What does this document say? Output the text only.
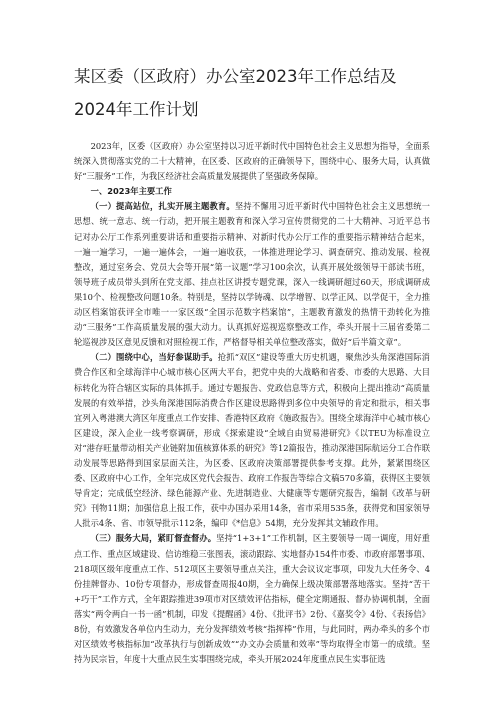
某区委（区政府）办公室2023年工作总结及2024年工作计划

2023年，区委（区政府）办公室坚持以习近平新时代中国特色社会主义思想为指导，全面系统深入贯彻落实党的二十大精神，在区委、区政府的正确领导下，围绕中心、服务大局，认真做好“三服务”工作，为我区经济社会高质量发展提供了坚强政务保障。

一、2023年主要工作

（一）提高站位，扎实开展主题教育。坚持不懈用习近平新时代中国特色社会主义思想统一思想、统一意志、统一行动，把开展主题教育和深入学习宣传贯彻党的二十大精神、习近平总书记对办公厅工作系列重要讲话和重要指示精神、对新时代办公厅工作的重要指示精神结合起来，一遍一遍学习，一遍一遍体会，一遍一遍收获，一体推进理论学习、调查研究、推动发展、检视整改，通过室务会、党员大会等开展“第一议题”学习100余次，认真开展处级领导干部读书班，领导班子成员带头到所在党支部、挂点社区讲授专题党课，深入一线调研超过60天，形成调研成果10个、检视整改问题10条。特别是，坚持以学铸魂、以学增智、以学正风、以学促干，全力推动区档案馆获评全市唯一一家区级“全国示范数字档案馆”，主题教育激发的热情干劲转化为推动“三服务”工作高质量发展的强大动力。认真抓好巡视巡察整改工作，牵头开展十三届省委第二轮巡视涉及区意见反馈和对照检视工作，严格督导相关单位整改落实，做好“后半篇文章”。

（二）围绕中心，当好参谋助手。抢抓“双区”建设等重大历史机遇，聚焦沙头角深港国际消费合作区和全球海洋中心城市核心区两大平台，把党中央的大战略和省委、市委的大思路、大目标转化为符合辖区实际的具体抓手。通过专题报告、党政信息等方式，积极向上提出推动“高质量发展的有效举措，沙头角深港国际消费合作区建设思路得到多位中央领导的肯定和批示，相关事宜列入粤港澳大湾区年度重点工作安排、香港特区政府《施政报告》。围绕全球海洋中心城市核心区建设，深入企业一线考察调研，形成《探索建设“全域自由贸易港研究》《以TEU为标准设立对“港存旺量带动相关产业链附加值核算体系的研究》等12篇报告，推动深港国际航运分工合作联动发展等思路得到国家层面关注，为区委、区政府决策部署提供参考支撑。此外，紧紧围绕区委、区政府中心工作，全年完成区党代会报告、政府工作报告等综合文稿570多篇，获得区主要领导肯定；完成低空经济、绿色能源产业、先进制造业、大健康等专题研究报告，编制《改革与研究》刊物11期；加强信息上报工作，获中办国办采用14条，省市采用535条，获得党和国家领导人批示4条、省、市领导批示112条，编印《*信息》54期，充分发挥其文辅政作用。

（三）服务大局，紧盯督查督办。坚持“1+3+1”工作机制，区主要领导一周一调度，用好重点工作、重点区域建设、信访维稳三张图表，滚动跟踪、实地督办154件市委、市政府部署事项、218项区级年度重点工作、512项区主要领导重点关注，重大会议议定事项，印发九大任务令、4份挂牌督办、10份专项督办，形成督查周报40期，全力确保上级决策部署落地落实。坚持“苦干+巧干”工作方式，全年跟踪推进39项市对区绩效评估指标，健全定期通报、督办协调机制，全面落实“两令两白一书一函”机制，印发《提醒函》4份、《批评书》2份、《嘉奖令》4份、《表扬信》8份，有效激发各单位内生动力，充分发挥绩效考核“指挥棒”作用，与此同时，两办牵头的多个市对区绩效考核指标加“改革执行与创新成效”“办文办会质量和效率”等均取得全市第一的成绩。坚持为民宗旨，年度十大重点民生实事围绕完成，牵头开展2024年度重点民生实事征选
